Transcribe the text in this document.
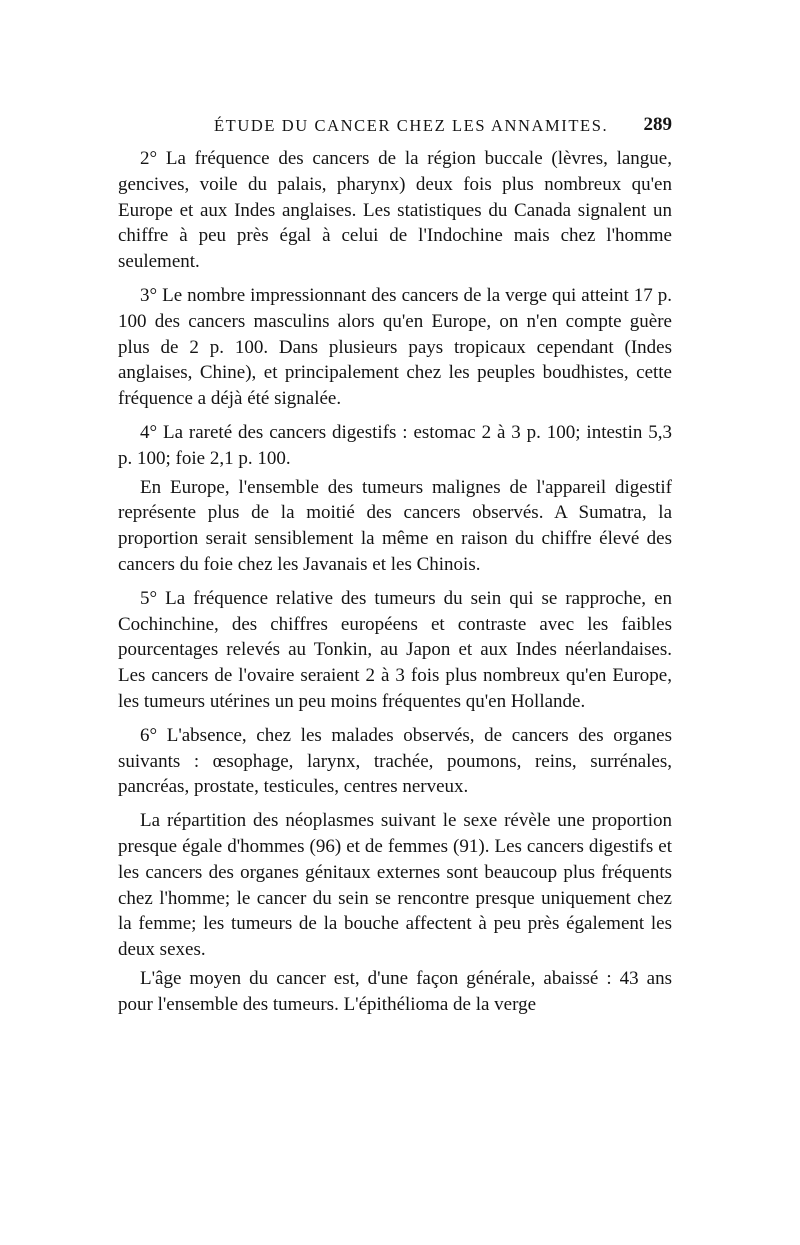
ÉTUDE DU CANCER CHEZ LES ANNAMITES. 289

2° La fréquence des cancers de la région buccale (lèvres, langue, gencives, voile du palais, pharynx) deux fois plus nombreux qu'en Europe et aux Indes anglaises. Les statistiques du Canada signalent un chiffre à peu près égal à celui de l'Indochine mais chez l'homme seulement.

3° Le nombre impressionnant des cancers de la verge qui atteint 17 p. 100 des cancers masculins alors qu'en Europe, on n'en compte guère plus de 2 p. 100. Dans plusieurs pays tropicaux cependant (Indes anglaises, Chine), et principalement chez les peuples boudhistes, cette fréquence a déjà été signalée.

4° La rareté des cancers digestifs : estomac 2 à 3 p. 100; intestin 5,3 p. 100; foie 2,1 p. 100.

En Europe, l'ensemble des tumeurs malignes de l'appareil digestif représente plus de la moitié des cancers observés. A Sumatra, la proportion serait sensiblement la même en raison du chiffre élevé des cancers du foie chez les Javanais et les Chinois.

5° La fréquence relative des tumeurs du sein qui se rapproche, en Cochinchine, des chiffres européens et contraste avec les faibles pourcentages relevés au Tonkin, au Japon et aux Indes néerlandaises. Les cancers de l'ovaire seraient 2 à 3 fois plus nombreux qu'en Europe, les tumeurs utérines un peu moins fréquentes qu'en Hollande.

6° L'absence, chez les malades observés, de cancers des organes suivants : œsophage, larynx, trachée, poumons, reins, surrénales, pancréas, prostate, testicules, centres nerveux.

La répartition des néoplasmes suivant le sexe révèle une proportion presque égale d'hommes (96) et de femmes (91). Les cancers digestifs et les cancers des organes génitaux externes sont beaucoup plus fréquents chez l'homme; le cancer du sein se rencontre presque uniquement chez la femme; les tumeurs de la bouche affectent à peu près également les deux sexes.

L'âge moyen du cancer est, d'une façon générale, abaissé : 43 ans pour l'ensemble des tumeurs. L'épithélioma de la verge
